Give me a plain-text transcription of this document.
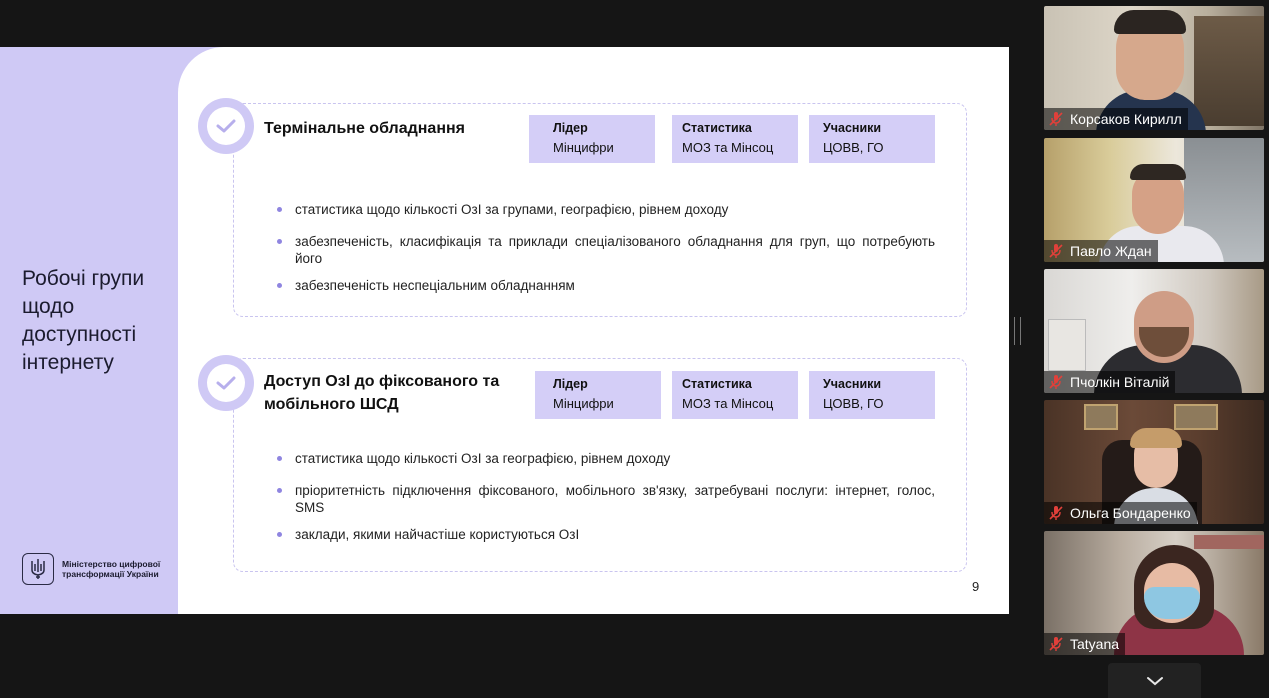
Робочі групи щодо доступності інтернету
Міністерство цифрової трансформації України
9
Термінальне обладнання	Лідер
Мінцифри
Статистика
МОЗ та Мінсоц
Учасники
ЦОВВ, ГО
статистика щодо кількості ОзІ за групами, географією, рівнем доходу
забезпеченість, класифікація та приклади спеціалізованого обладнання для груп, що потребують його
забезпеченість неспеціальним обладнанням
Доступ ОзІ до фіксованого та мобільного ШСД
Лідер
Мінцифри
Статистика
МОЗ та Мінсоц
Учасники
ЦОВВ, ГО
статистика щодо кількості ОзІ за географією, рівнем доходу
пріоритетність підключення фіксованого, мобільного зв'язку, затребувані послуги: інтернет, голос, SMS
заклади, якими найчастіше користуються ОзІ
Корсаков Кирилл
Павло Ждан
Пчолкін Віталій
Ольга Бондаренко
Tatyana
